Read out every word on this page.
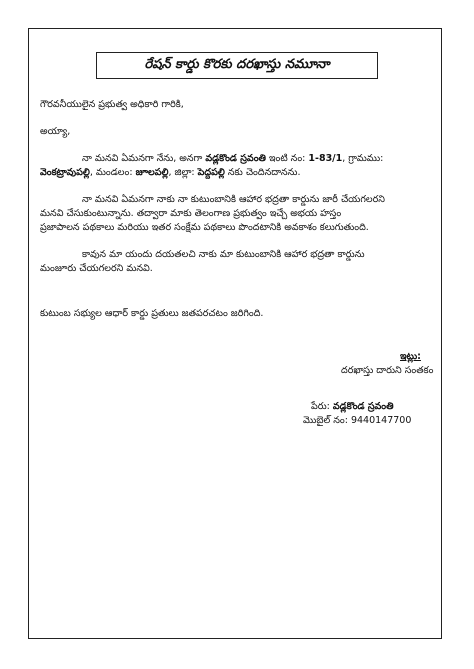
రేషన్ కార్డు కొరకు దరఖాస్తు నమూనా
గౌరవనీయులైన ప్రభుత్వ అధికారి గారికి,
అయ్యా,
నా మనవి ఏమనగా నేను, అనగా వడ్లకొండ స్రవంతి ఇంటి నం: 1-83/1, గ్రామము:
వెంకట్రావుపల్లి, మండలం: జూలపల్లి, జిల్లా: పెద్దపల్లి నకు చెందినదానను.
నా మనవి ఏమనగా నాకు నా కుటుంబానికి ఆహార భద్రతా కార్డును జారీ చేయగలరని
మనవి చేసుకుంటున్నాను. తద్వారా మాకు తెలంగాణ ప్రభుత్వం ఇచ్చే అభయ హస్తం
ప్రజాపాలన పథకాలు మరియు ఇతర సంక్షేమ పథకాలు పొందటానికి అవకాశం కలుగుతుంది.
కావున మా యందు దయతలచి నాకు మా కుటుంబానికి ఆహార భద్రతా కార్డును
మంజూరు చేయగలరని మనవి.
కుటుంబ సభ్యుల ఆధార్ కార్డు ప్రతులు జతపరచటం జరిగింది.
ఇట్లు:
దరఖాస్తు దారుని సంతకం
పేరు: వడ్లకొండ స్రవంతి
మొబైల్ నం: 9440147700
